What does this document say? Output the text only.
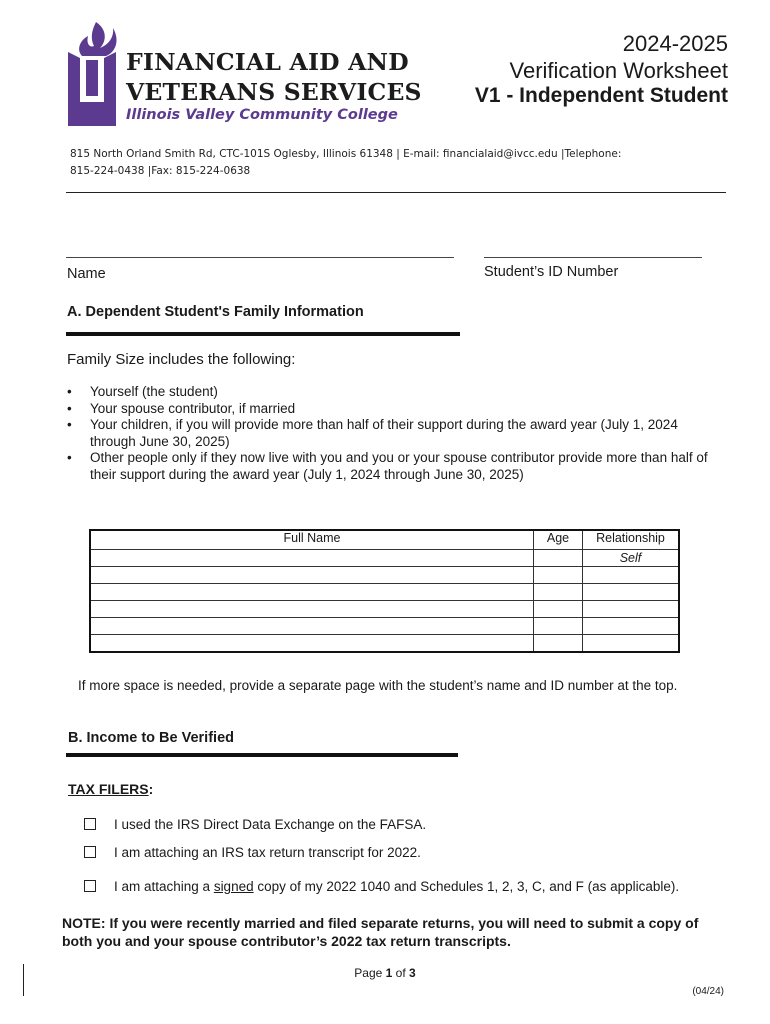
FINANCIAL AID AND
VETERANS SERVICES
Illinois Valley Community College
2024-2025
Verification Worksheet
V1 - Independent Student
815 North Orland Smith Rd, CTC-101S Oglesby, Illinois 61348 | E-mail: financialaid@ivcc.edu |Telephone:
815-224-0438 |Fax: 815-224-0638
Name	Student’s ID Number
A. Dependent Student's Family Information
Family Size includes the following:
• Yourself (the student)
• Your spouse contributor, if married
• Your children, if you will provide more than half of their support during the award year (July 1, 2024 through June 30, 2025)
• Other people only if they now live with you and you or your spouse contributor provide more than half of their support during the award year (July 1, 2024 through June 30, 2025)
Full Name	Age	Relationship
		Self

If more space is needed, provide a separate page with the student’s name and ID number at the top.
B. Income to Be Verified
TAX FILERS:
I used the IRS Direct Data Exchange on the FAFSA.
I am attaching an IRS tax return transcript for 2022.
I am attaching a signed copy of my 2022 1040 and Schedules 1, 2, 3, C, and F (as applicable).
NOTE: If you were recently married and filed separate returns, you will need to submit a copy of both you and your spouse contributor’s 2022 tax return transcripts.
Page 1 of 3
(04/24)
